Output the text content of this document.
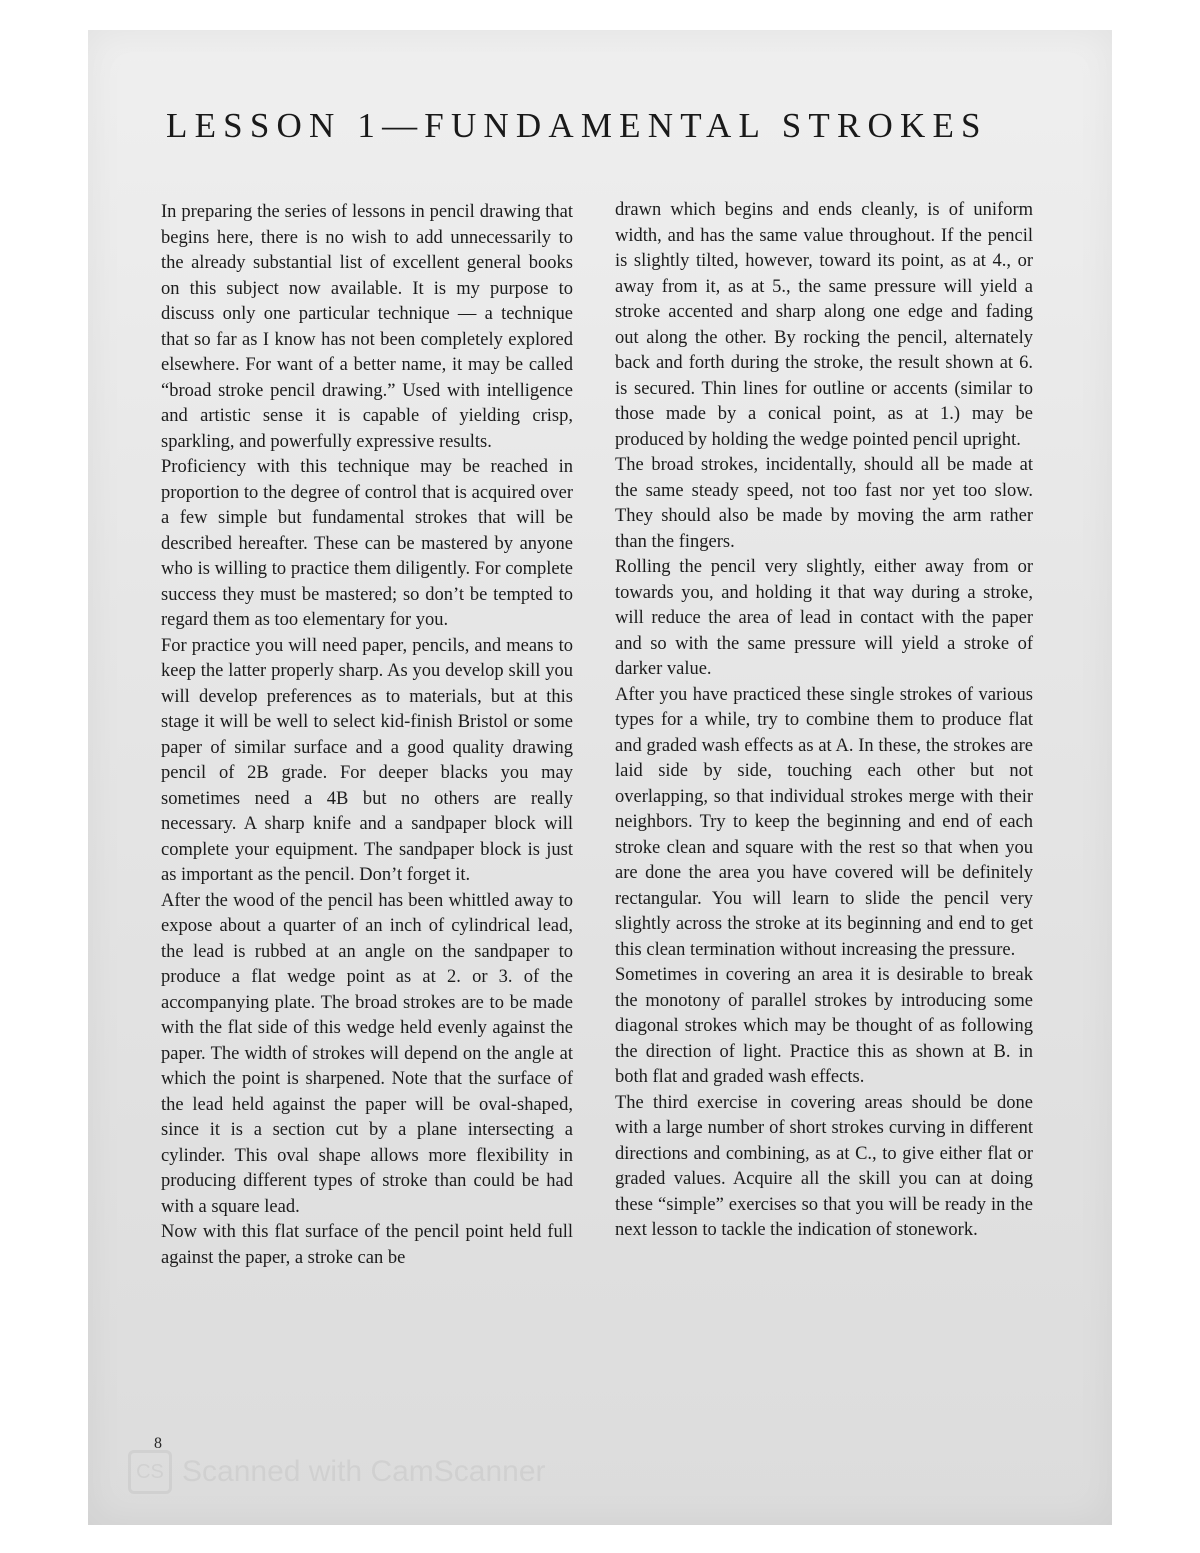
LESSON 1—FUNDAMENTAL STROKES

In preparing the series of lessons in pencil drawing that begins here, there is no wish to add unnecessarily to the already substantial list of excellent general books on this subject now available. It is my purpose to discuss only one particular technique — a technique that so far as I know has not been completely explored elsewhere. For want of a better name, it may be called “broad stroke pencil drawing.” Used with intelligence and artistic sense it is capable of yielding crisp, sparkling, and powerfully expressive results.

Proficiency with this technique may be reached in proportion to the degree of control that is acquired over a few simple but fundamental strokes that will be described hereafter. These can be mastered by anyone who is willing to practice them diligently. For complete success they must be mastered; so don’t be tempted to regard them as too elementary for you.

For practice you will need paper, pencils, and means to keep the latter properly sharp. As you develop skill you will develop preferences as to materials, but at this stage it will be well to select kid-finish Bristol or some paper of similar surface and a good quality drawing pencil of 2B grade. For deeper blacks you may sometimes need a 4B but no others are really necessary. A sharp knife and a sandpaper block will complete your equipment. The sandpaper block is just as important as the pencil. Don’t forget it.

After the wood of the pencil has been whittled away to expose about a quarter of an inch of cylindrical lead, the lead is rubbed at an angle on the sandpaper to produce a flat wedge point as at 2. or 3. of the accompanying plate. The broad strokes are to be made with the flat side of this wedge held evenly against the paper. The width of strokes will depend on the angle at which the point is sharpened. Note that the surface of the lead held against the paper will be oval-shaped, since it is a section cut by a plane intersecting a cylinder. This oval shape allows more flexibility in producing different types of stroke than could be had with a square lead.

Now with this flat surface of the pencil point held full against the paper, a stroke can be

drawn which begins and ends cleanly, is of uniform width, and has the same value throughout. If the pencil is slightly tilted, however, toward its point, as at 4., or away from it, as at 5., the same pressure will yield a stroke accented and sharp along one edge and fading out along the other. By rocking the pencil, alternately back and forth during the stroke, the result shown at 6. is secured. Thin lines for outline or accents (similar to those made by a conical point, as at 1.) may be produced by holding the wedge pointed pencil upright.

The broad strokes, incidentally, should all be made at the same steady speed, not too fast nor yet too slow. They should also be made by moving the arm rather than the fingers.

Rolling the pencil very slightly, either away from or towards you, and holding it that way during a stroke, will reduce the area of lead in contact with the paper and so with the same pressure will yield a stroke of darker value.

After you have practiced these single strokes of various types for a while, try to combine them to produce flat and graded wash effects as at A. In these, the strokes are laid side by side, touching each other but not overlapping, so that individual strokes merge with their neighbors. Try to keep the beginning and end of each stroke clean and square with the rest so that when you are done the area you have covered will be definitely rectangular. You will learn to slide the pencil very slightly across the stroke at its beginning and end to get this clean termination without increasing the pressure.

Sometimes in covering an area it is desirable to break the monotony of parallel strokes by introducing some diagonal strokes which may be thought of as following the direction of light. Practice this as shown at B. in both flat and graded wash effects.

The third exercise in covering areas should be done with a large number of short strokes curving in different directions and combining, as at C., to give either flat or graded values. Acquire all the skill you can at doing these “simple” exercises so that you will be ready in the next lesson to tackle the indication of stonework.

CS Scanned with CamScanner
8
